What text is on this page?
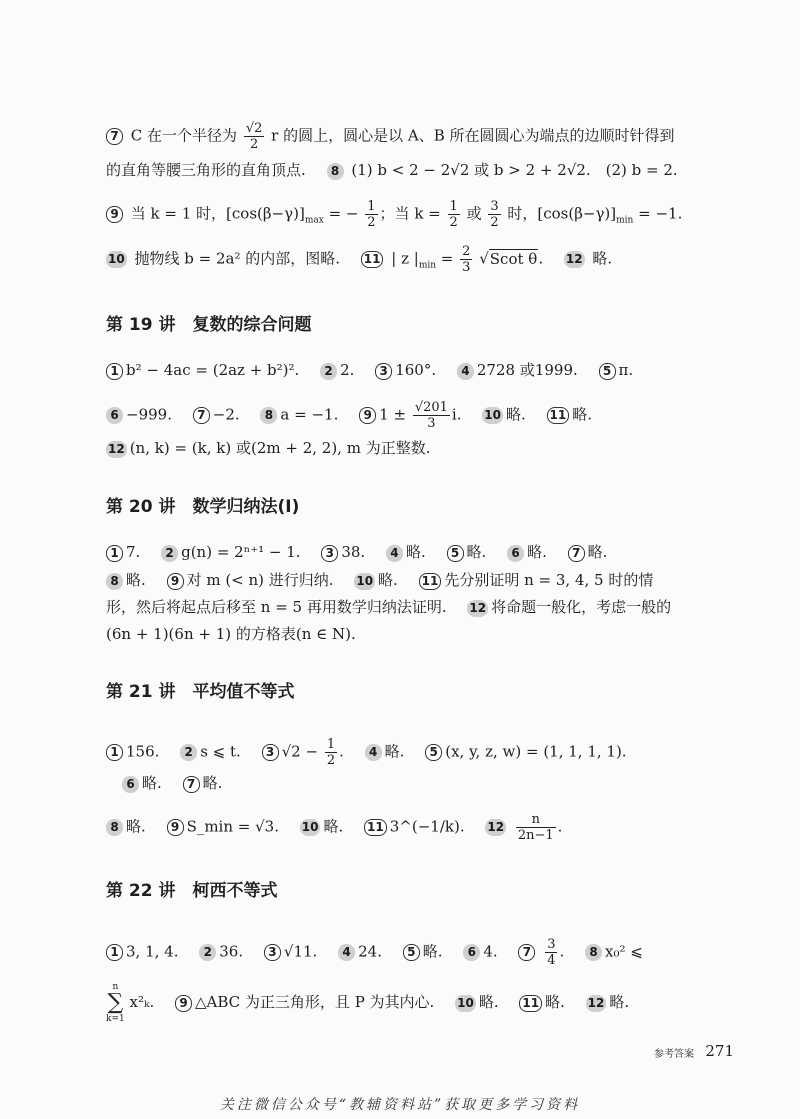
7 C 在一个半径为 $\frac{√2}{2}$ r 的圆上，圆心是以 A、B 所在圆圆心为端点的边顺时针得到
的直角等腰三角形的直角顶点. 8 (1) b < 2 − 2√2 或 b > 2 + 2√2.　(2) b = 2.
9 当 k = 1 时，$[\cos(\beta-\gamma)]_{max}$ = − $\frac{1}{2}$ ；当 $k = \frac{1}{2}$ 或 $\frac{3}{2}$ 时，$[\cos(\beta-\gamma)]_{min} = -1$.
10 抛物线 b = 2a² 的内部，图略. 11 | z $|_{min} = \frac{2}{3} √Scot$ θ. 12 略.
第 19 讲　复数的综合问题
1 b² − 4ac = (2az + b²)². 2 2. 3 160°. 4 2728 或1999. 5 π.
6 −999. 7 −2. 8 a = −1. 9 $1 \pm \frac{√201}{3} i$. 10 略. 11 略.
12 (n, k) = (k, k) 或(2m + 2, 2), m 为正整数.
第 20 讲　数学归纳法(Ⅰ)
1 7. 2 g(n) = 2ⁿ⁺¹ − 1. 3 38. 4 略. 5 略. 6 略. 7 略.
8 略. 9 对 m (< n) 进行归纳. 10 略. 11 先分别证明 n = 3, 4, 5 时的情
形，然后将起点后移至 n = 5 再用数学归纳法证明. 12 将命题一般化，考虑一般的
(6n + 1)(6n + 1) 的方格表(n ∈ N).
第 21 讲　平均值不等式
1 156. 2 s ⩽ t. 3 $√2 - \frac{1}{2}$ . 4 略. 5 (x, y, z, w) = (1, 1, 1, 1).
6 略. 7 略.
8 略. 9 S_min = √3. 10 略. 11 3^(−1/k). $12 \frac{n}{2n-1}$ .
第 22 讲　柯西不等式
1 3, 1, 4. 2 36. 3 √11. 4 24. 5 略. 6 4. $7 \frac{3}{4}$ . 8 x₀² ⩽
n
∑
k=1 x²ₖ. 9 △ABC 为正三角形，且 P 为其内心. 10 略. 11 略. 12 略.
参考答案 271
关注微信公众号“教辅资料站”获取更多学习资料
